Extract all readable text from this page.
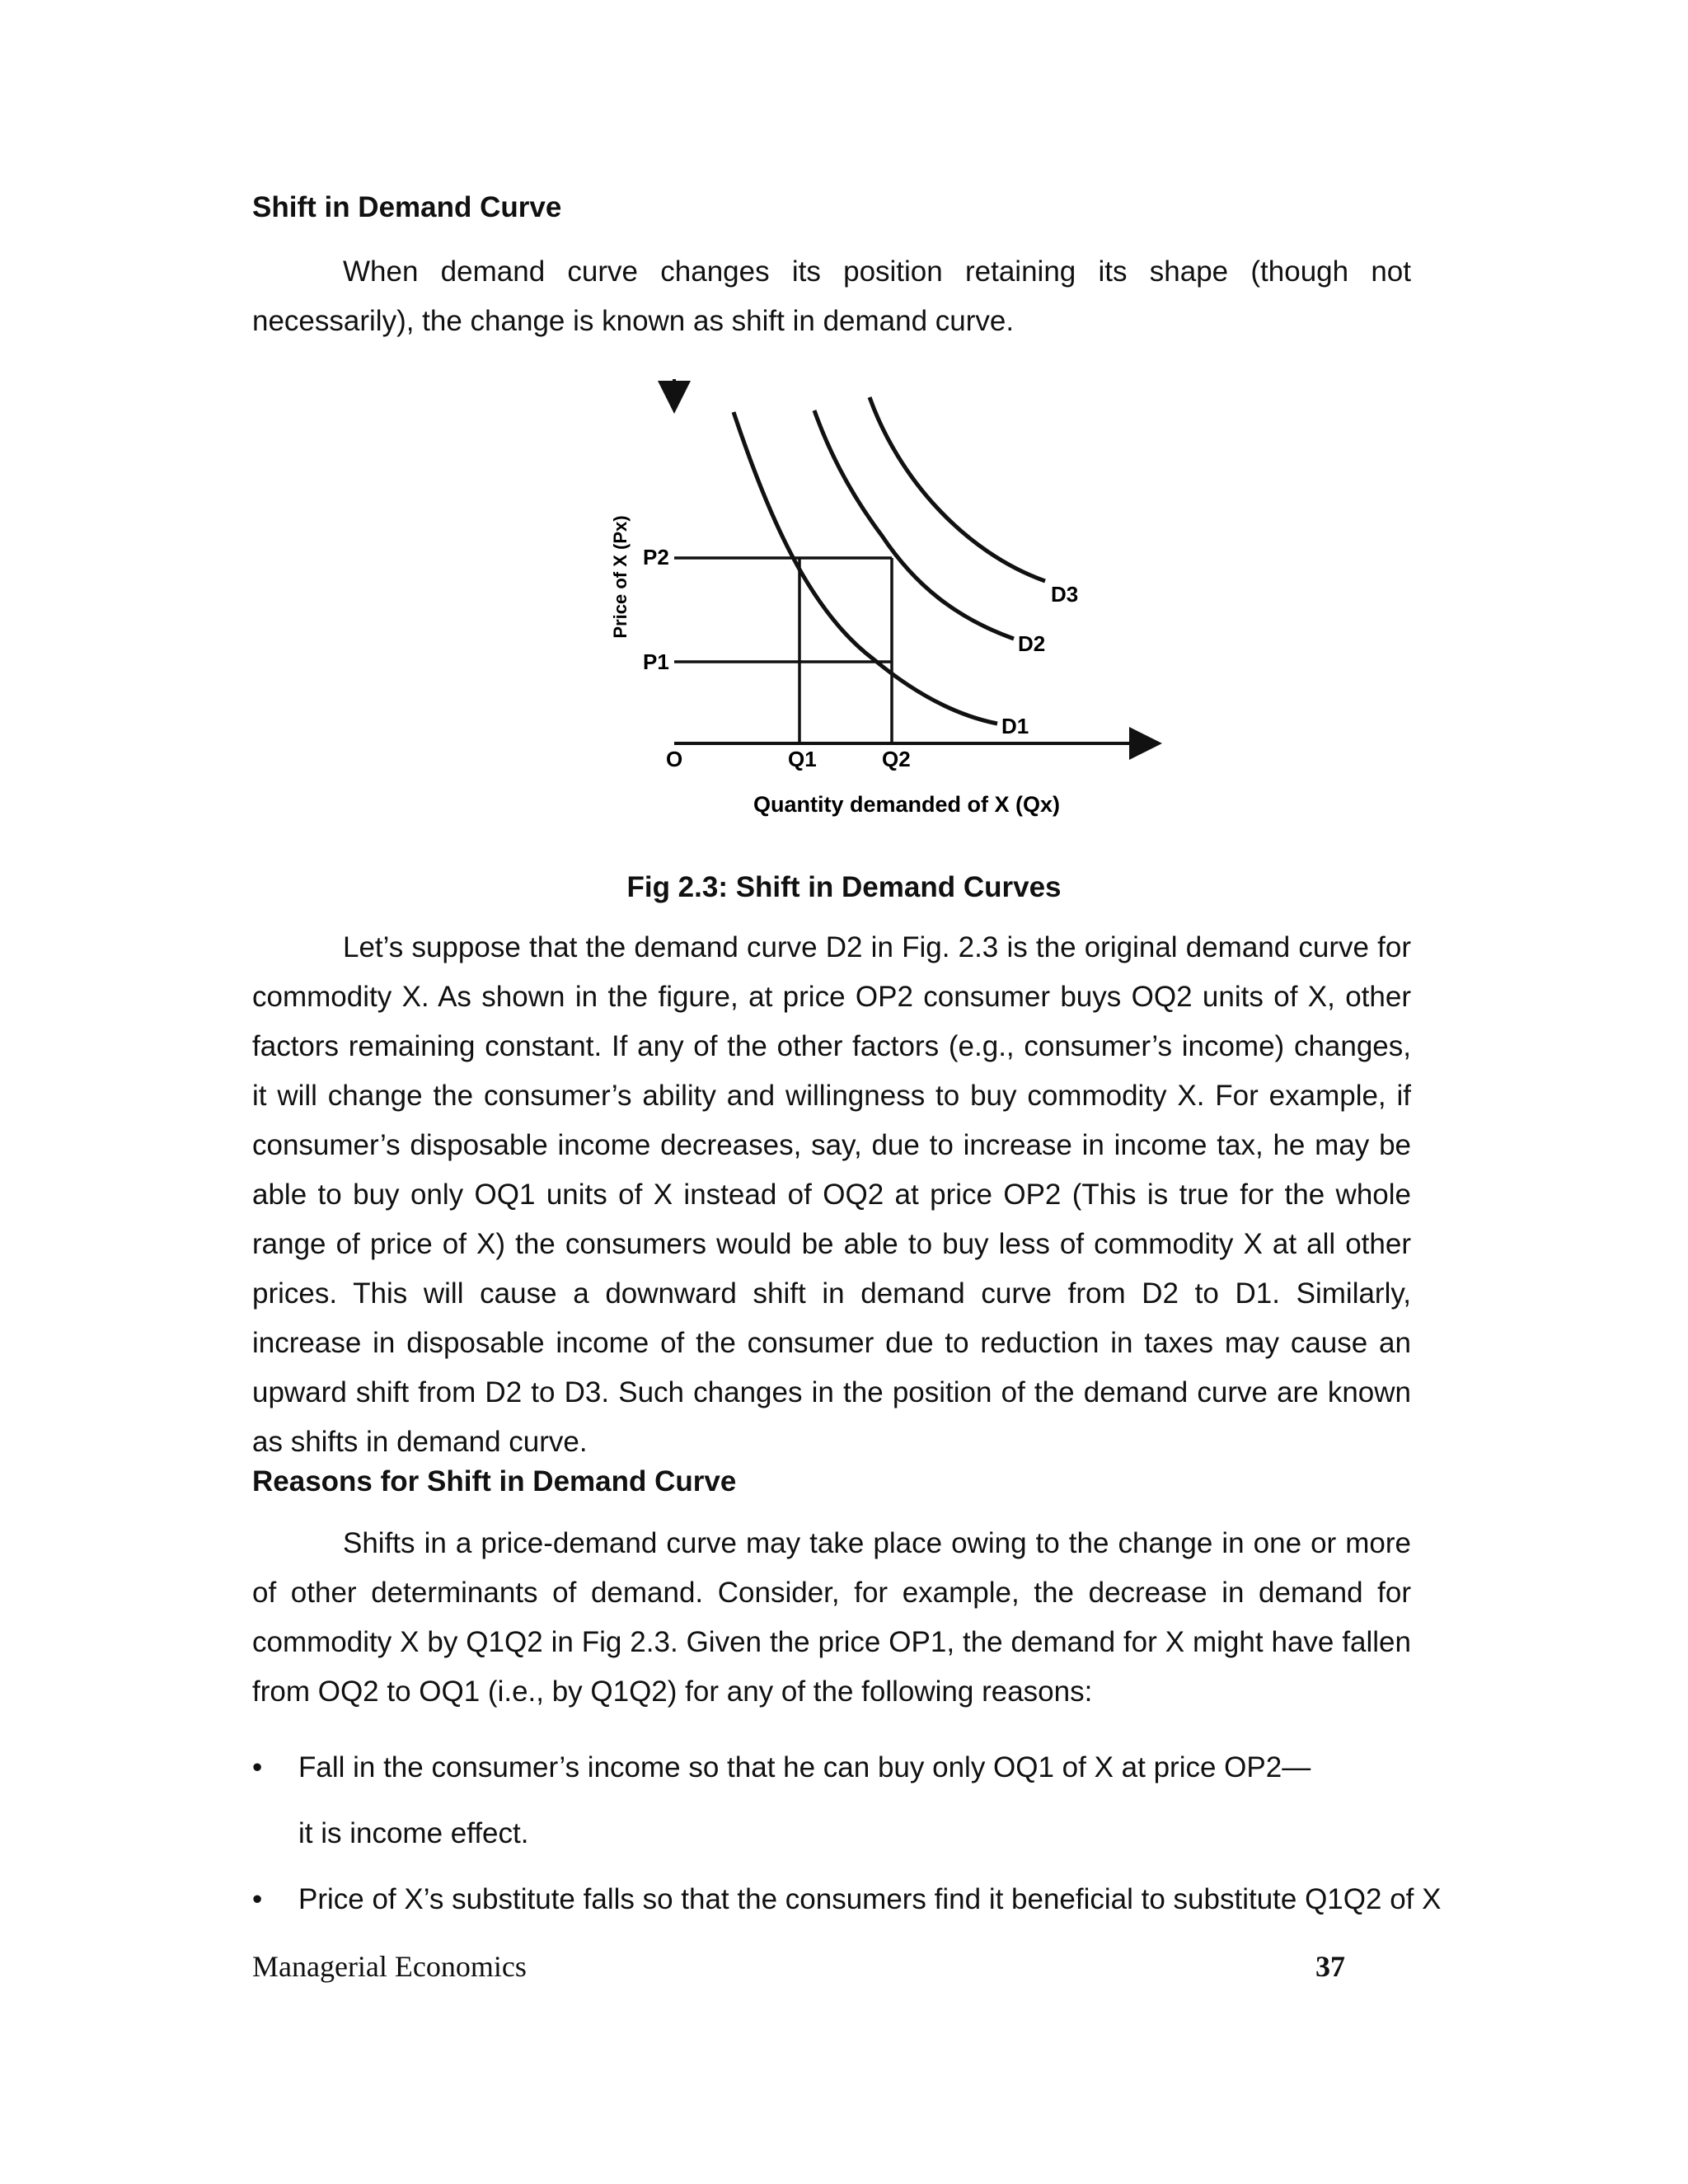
Shift in Demand Curve

When demand curve changes its position retaining its shape (though not necessarily), the change is known as shift in demand curve.

Price of X (Px) P2
P1
O	Q1	Q2
D1
D2
D3
Quantity demanded of X (Qx)
Fig 2.3: Shift in Demand Curves

Let’s suppose that the demand curve D2 in Fig. 2.3 is the original demand curve for commodity X. As shown in the figure, at price OP2 consumer buys OQ2 units of X, other factors remaining constant. If any of the other factors (e.g., consumer’s income) changes, it will change the consumer’s ability and willingness to buy commodity X. For example, if consumer’s disposable income decreases, say, due to increase in income tax, he may be able to buy only OQ1 units of X instead of OQ2 at price OP2 (This is true for the whole range of price of X) the consumers would be able to buy less of commodity X at all other prices. This will cause a downward shift in demand curve from D2 to D1. Similarly, increase in disposable income of the consumer due to reduction in taxes may cause an upward shift from D2 to D3. Such changes in the position of the demand curve are known as shifts in demand curve.

Reasons for Shift in Demand Curve

Shifts in a price-demand curve may take place owing to the change in one or more of other determinants of demand. Consider, for example, the decrease in demand for commodity X by Q1Q2 in Fig 2.3. Given the price OP1, the demand for X might have fallen from OQ2 to OQ1 (i.e., by Q1Q2) for any of the following reasons:

• Fall in the consumer’s income so that he can buy only OQ1 of X at price OP2—
it is income effect.
• Price of X’s substitute falls so that the consumers find it beneficial to substitute Q1Q2 of X
Managerial Economics	37
